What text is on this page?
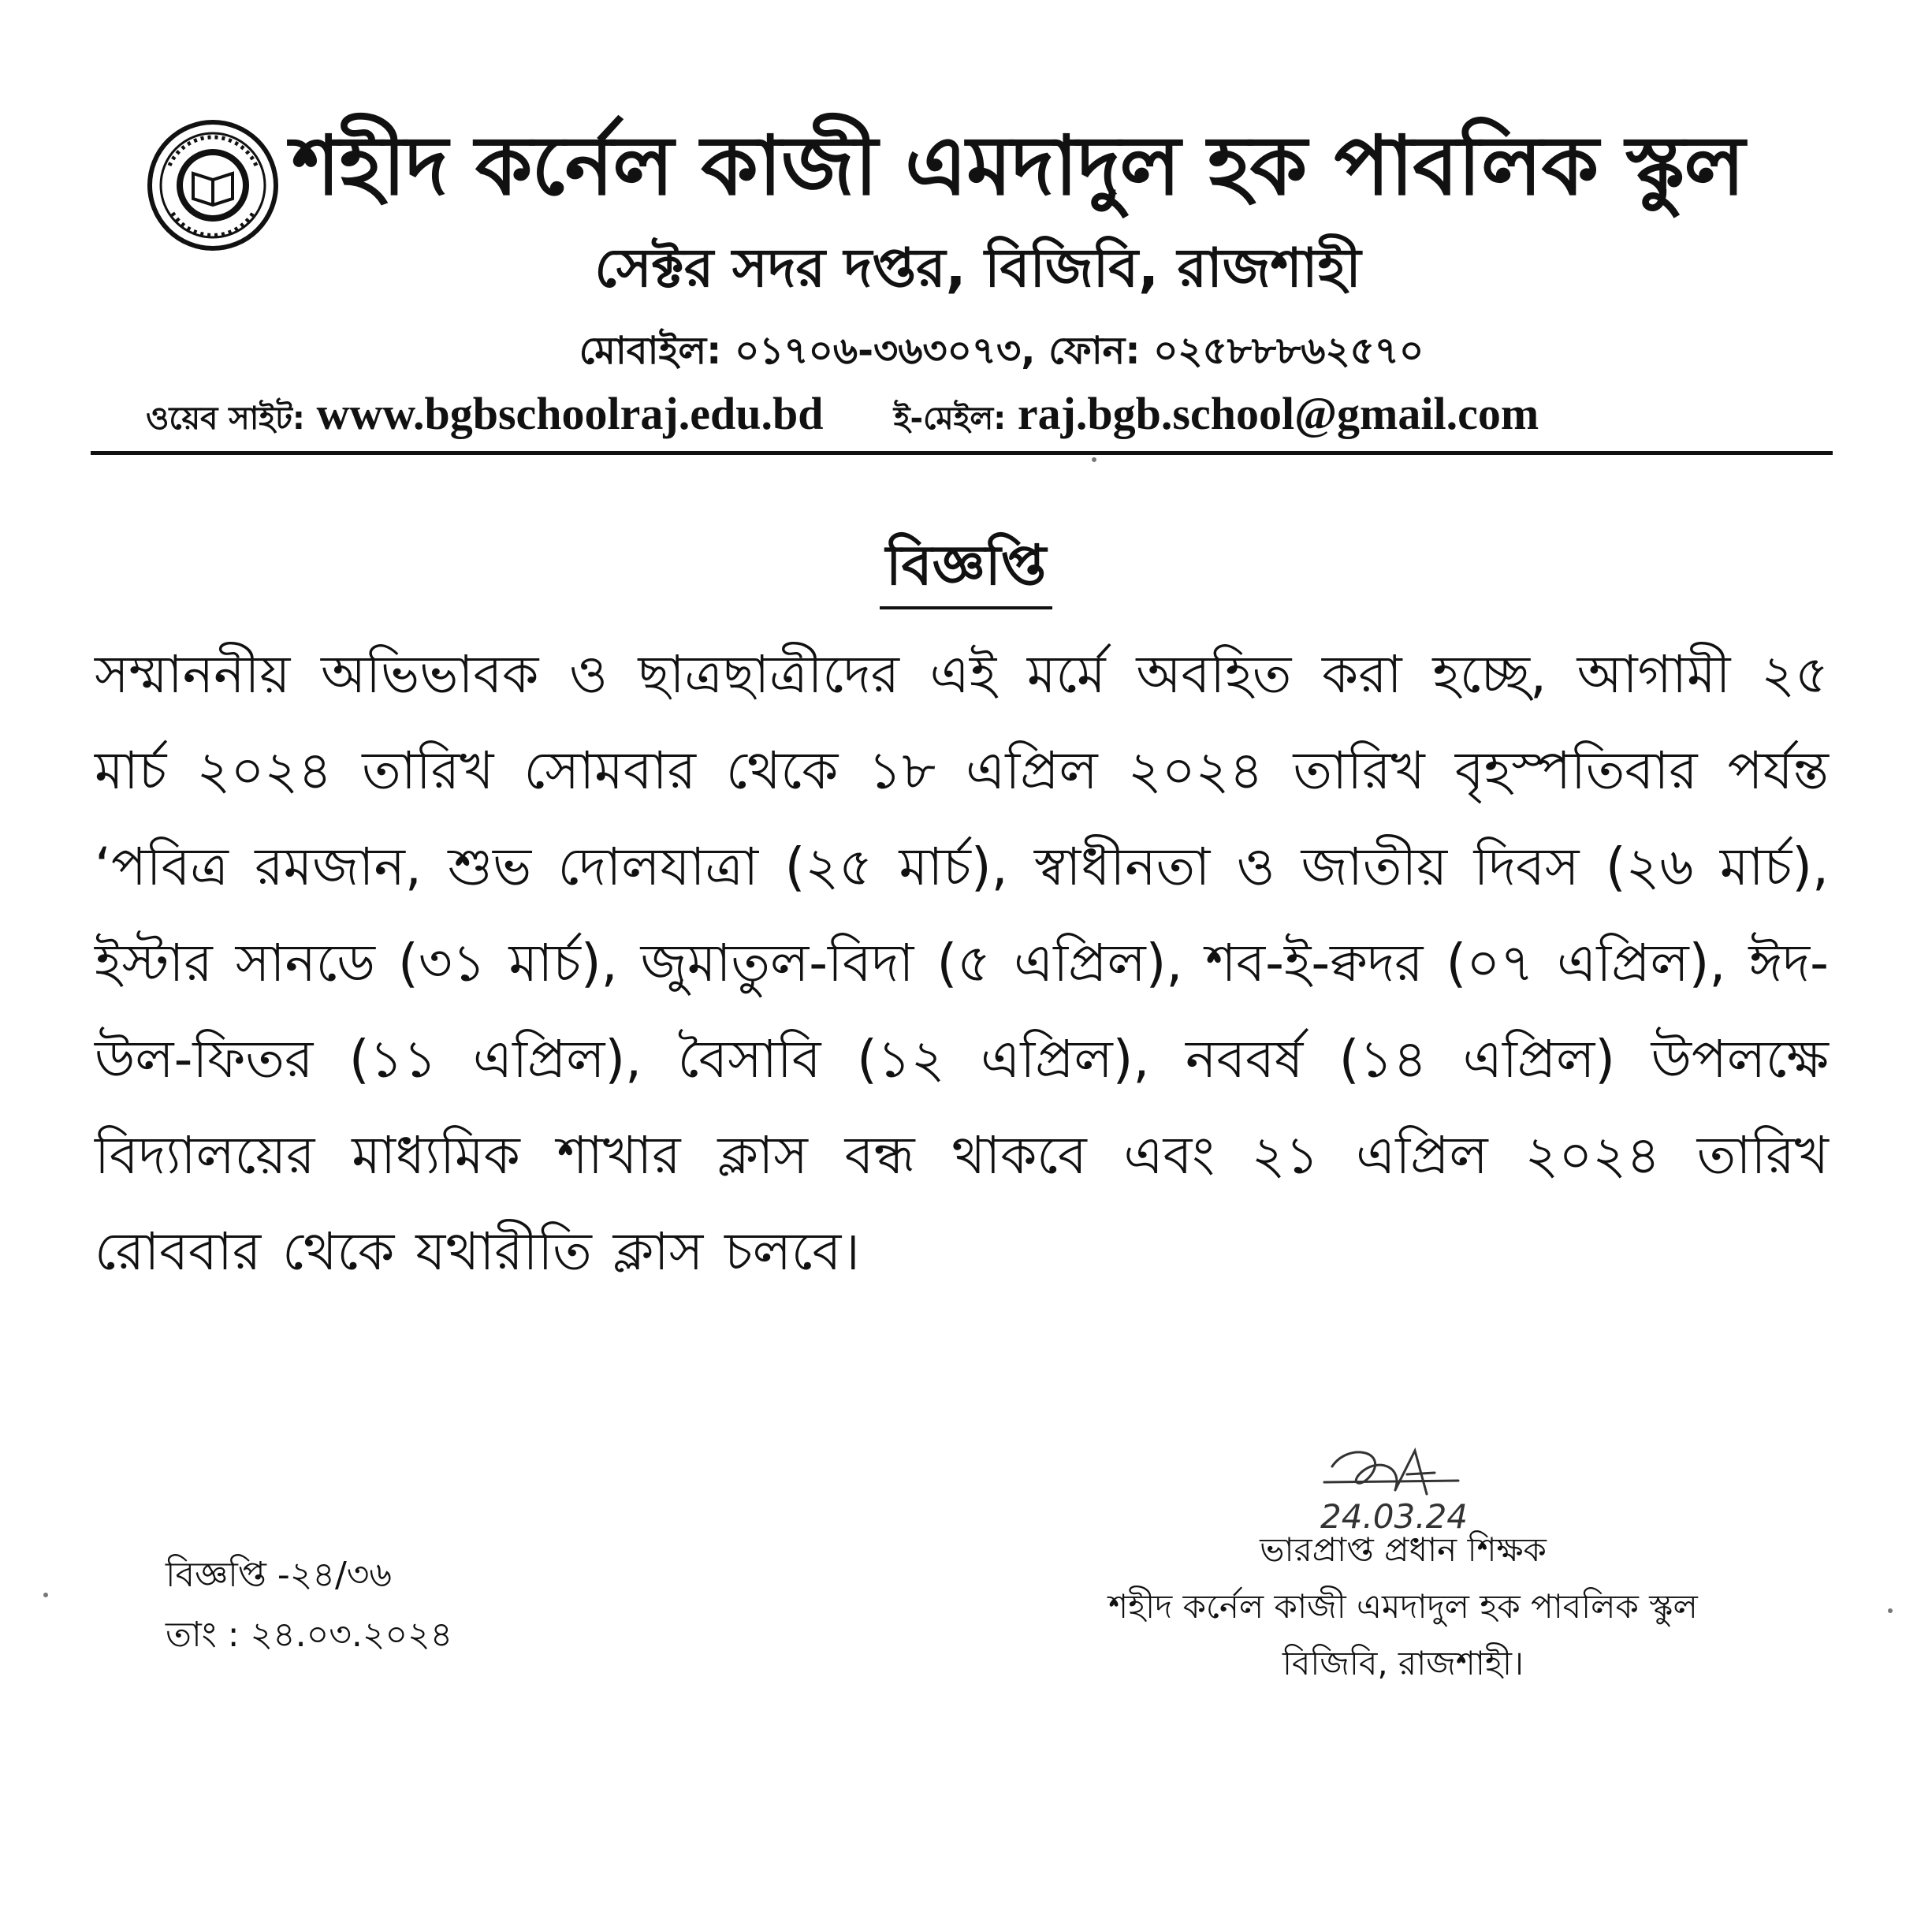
শহীদ কর্নেল কাজী এমদাদুল হক পাবলিক স্কুল
সেক্টর সদর দপ্তর, বিজিবি, রাজশাহী
মোবাইল: ০১৭০৬-৩৬৩০৭৩, ফোন: ০২৫৮৮৮৬২৫৭০
ওয়েব সাইট: www.bgbschoolraj.edu.bd ই-মেইল: raj.bgb.school@gmail.com
বিজ্ঞপ্তি
সম্মাননীয় অভিভাবক ও ছাত্রছাত্রীদের এই মর্মে অবহিত করা হচ্ছে, আগামী ২৫ মার্চ ২০২৪ তারিখ সোমবার থেকে ১৮ এপ্রিল ২০২৪ তারিখ বৃহস্পতিবার পর্যন্ত ‘পবিত্র রমজান, শুভ দোলযাত্রা (২৫ মার্চ), স্বাধীনতা ও জাতীয় দিবস (২৬ মার্চ), ইস্টার সানডে (৩১ মার্চ), জুমাতুল-বিদা (৫ এপ্রিল), শব-ই-ক্বদর (০৭ এপ্রিল), ঈদ-উল-ফিতর (১১ এপ্রিল), বৈসাবি (১২ এপ্রিল), নববর্ষ (১৪ এপ্রিল) উপলক্ষে বিদ্যালয়ের মাধ্যমিক শাখার ক্লাস বন্ধ থাকবে এবং ২১ এপ্রিল ২০২৪ তারিখ রোববার থেকে যথারীতি ক্লাস চলবে।
বিজ্ঞপ্তি -২৪/৩৬
তাং : ২৪.০৩.২০২৪
24.03.24
ভারপ্রাপ্ত প্রধান শিক্ষক
শহীদ কর্নেল কাজী এমদাদুল হক পাবলিক স্কুল
বিজিবি, রাজশাহী।
